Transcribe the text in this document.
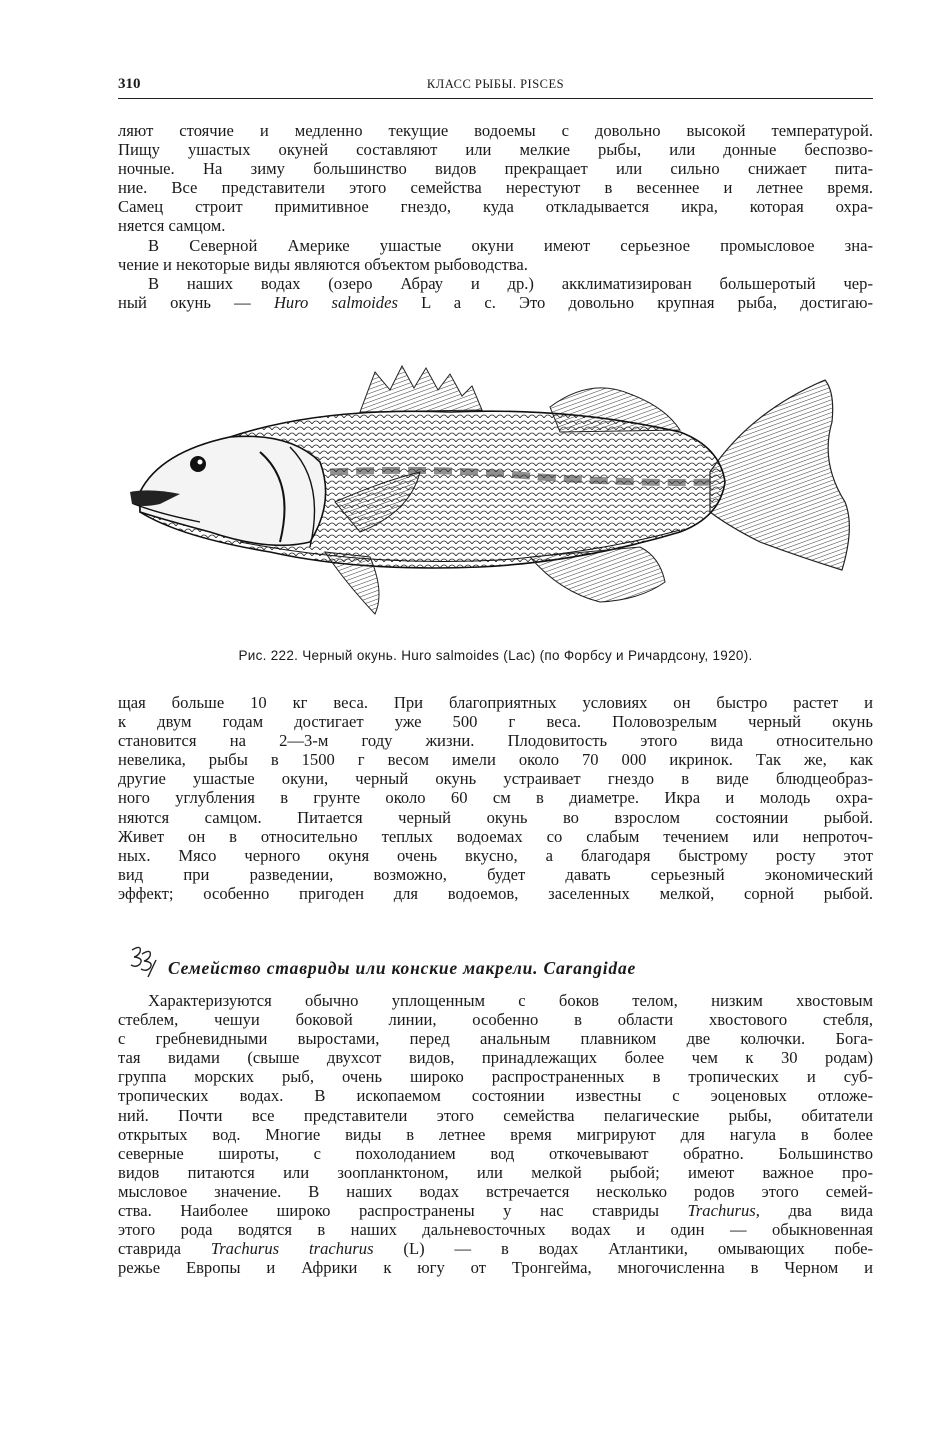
310	КЛАСС РЫБЫ. PISCES
ляют стоячие и медленно текущие водоемы с довольно высокой температурой.
Пищу ушастых окуней составляют или мелкие рыбы, или донные беспозво-
ночные. На зиму большинство видов прекращает или сильно снижает пита-
ние. Все представители этого семейства нерестуют в весеннее и летнее время.
Самец строит примитивное гнездо, куда откладывается икра, которая охра-
няется самцом.
В Северной Америке ушастые окуни имеют серьезное промысловое зна-
чение и некоторые виды являются объектом рыбоводства.
В наших водах (озеро Абрау и др.) акклиматизирован большеротый чер-
ный окунь — Huro salmoides L a c. Это довольно крупная рыба, достигаю-
Рис. 222. Черный окунь. Huro salmoides (Lac) (по Форбсу и Ричардсону, 1920).
щая больше 10 кг веса. При благоприятных условиях он быстро растет и
к двум годам достигает уже 500 г веса. Половозрелым черный окунь
становится на 2—3-м году жизни. Плодовитость этого вида относительно
невелика, рыбы в 1500 г весом имели около 70 000 икринок. Так же, как
другие ушастые окуни, черный окунь устраивает гнездо в виде блюдцеобраз-
ного углубления в грунте около 60 см в диаметре. Икра и молодь охра-
няются самцом. Питается черный окунь во взрослом состоянии рыбой.
Живет он в относительно теплых водоемах со слабым течением или непроточ-
ных. Мясо черного окуня очень вкусно, а благодаря быстрому росту этот
вид при разведении, возможно, будет давать серьезный экономический
эффект; особенно пригоден для водоемов, заселенных мелкой, сорной рыбой.
Семейство ставриды или конские макрели. Carangidae
Характеризуются обычно уплощенным с боков телом, низким хвостовым
стеблем, чешуи боковой линии, особенно в области хвостового стебля,
с гребневидными выростами, перед анальным плавником две колючки. Бога-
тая видами (свыше двухсот видов, принадлежащих более чем к 30 родам)
группа морских рыб, очень широко распространенных в тропических и суб-
тропических водах. В ископаемом состоянии известны с эоценовых отложе-
ний. Почти все представители этого семейства пелагические рыбы, обитатели
открытых вод. Многие виды в летнее время мигрируют для нагула в более
северные широты, с похолоданием вод откочевывают обратно. Большинство
видов питаются или зоопланктоном, или мелкой рыбой; имеют важное про-
мысловое значение. В наших водах встречается несколько родов этого семей-
ства. Наиболее широко распространены у нас ставриды Trachurus, два вида
этого рода водятся в наших дальневосточных водах и один — обыкновенная
ставрида Trachurus trachurus (L) — в водах Атлантики, омывающих побе-
режье Европы и Африки к югу от Тронгейма, многочисленна в Черном и
